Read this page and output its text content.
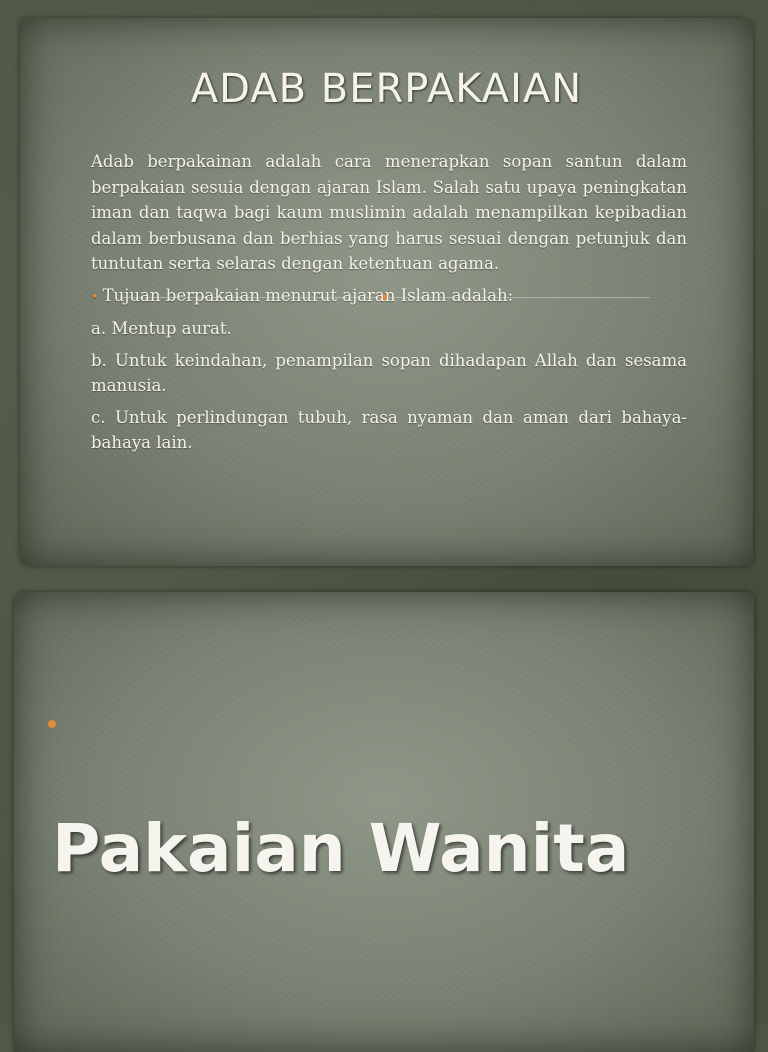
ADAB BERPAKAIAN

Adab berpakainan adalah cara menerapkan sopan santun dalam berpakaian sesuia dengan ajaran Islam. Salah satu upaya peningkatan iman dan taqwa bagi kaum muslimin adalah menampilkan kepibadian dalam berbusana dan berhias yang harus sesuai dengan petunjuk dan tuntutan serta selaras dengan ketentuan agama.

• Tujuan berpakaian menurut ajaran Islam adalah:

a. Mentup aurat.

b. Untuk keindahan, penampilan sopan dihadapan Allah dan sesama manusia.

c. Untuk perlindungan tubuh, rasa nyaman dan aman dari bahaya-bahaya lain.

Pakaian Wanita
